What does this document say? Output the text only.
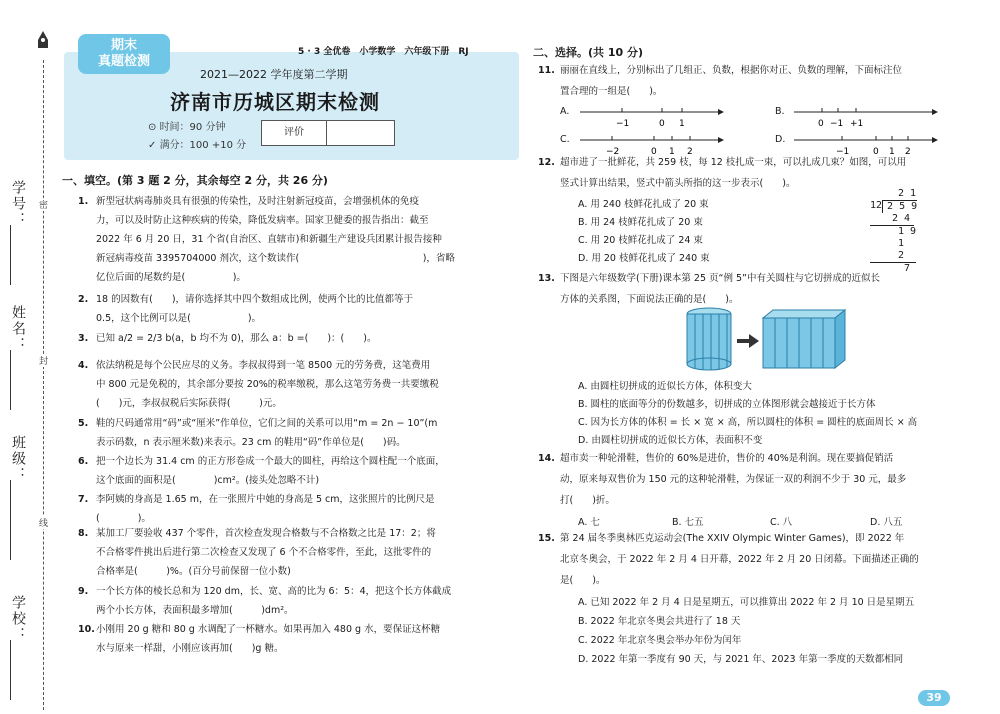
学号：
姓名：
班级：
学校：
密
封
线
5 · 3 全优卷　小学数学　六年级下册　RJ
期末
真题检测
2021—2022 学年度第二学期
济南市历城区期末检测
⊙ 时间：90 分钟
✓ 满分：100 +10 分
评价
一、填空。(第 3 题 2 分，其余每空 2 分，共 26 分)
1. 新型冠状病毒肺炎具有很强的传染性，及时注射新冠疫苗，会增强机体的免疫
力，可以及时防止这种疾病的传染，降低发病率。国家卫健委的报告指出：截至
2022 年 6 月 20 日，31 个省(自治区、直辖市)和新疆生产建设兵团累计报告接种
新冠病毒疫苗 3395704000 剂次，这个数读作(　　　　　　　　　　　　　)，省略
亿位后面的尾数约是(　　　　　)。
2. 18 的因数有(　　)，请你选择其中四个数组成比例，使两个比的比值都等于
0.5，这个比例可以是(　　　　　　)。
3. 已知 a/2 = 2/3 b(a，b 均不为 0)，那么 a：b =(　　)：(　　)。
4. 依法纳税是每个公民应尽的义务。李叔叔得到一笔 8500 元的劳务费，这笔费用
中 800 元是免税的，其余部分要按 20%的税率缴税，那么这笔劳务费一共要缴税
(　　)元，李叔叔税后实际获得(　　　)元。
5. 鞋的尺码通常用“码”或“厘米”作单位，它们之间的关系可以用“m = 2n − 10”(m
表示码数，n 表示厘米数)来表示。23 cm 的鞋用“码”作单位是(　　)码。
6. 把一个边长为 31.4 cm 的正方形卷成一个最大的圆柱，再给这个圆柱配一个底面，
这个底面的面积是(　　　　)cm²。(接头处忽略不计)
7. 李阿姨的身高是 1.65 m，在一张照片中她的身高是 5 cm，这张照片的比例尺是
(　　　　)。
8. 某加工厂要验收 437 个零件，首次检查发现合格数与不合格数之比是 17：2；将
不合格零件挑出后进行第二次检查又发现了 6 个不合格零件，至此，这批零件的
合格率是(　　　)%。(百分号前保留一位小数)
9. 一个长方体的棱长总和为 120 dm，长、宽、高的比为 6：5：4，把这个长方体截成
两个小长方体，表面积最多增加(　　　)dm²。
10. 小刚用 20 g 糖和 80 g 水调配了一杯糖水。如果再加入 480 g 水，要保证这杯糖
水与原来一样甜，小刚应该再加(　　)g 糖。
二、选择。(共 10 分)
11. 丽丽在直线上，分别标出了几组正、负数，根据你对正、负数的理解，下面标注位
置合理的一组是(　　)。
A.
−1	0 1
B.
0 −1 +1
C.
−2	0 1 2
D.
−1	0 1 2
12. 超市进了一批鲜花，共 259 枝，每 12 枝扎成一束，可以扎成几束？如图，可以用
竖式计算出结果，竖式中箭头所指的这一步表示(　　)。
A. 用 240 枝鲜花扎成了 20 束
B. 用 24 枝鲜花扎成了 20 束
C. 用 20 枝鲜花扎成了 24 束
D. 用 20 枝鲜花扎成了 240 束
2 1
12 2 5 9
2 4
1 9
1 2
7
13. 下图是六年级数学(下册)课本第 25 页“例 5”中有关圆柱与它切拼成的近似长
方体的关系图，下面说法正确的是(　　)。
A. 由圆柱切拼成的近似长方体，体积变大
B. 圆柱的底面等分的份数越多，切拼成的立体图形就会越接近于长方体
C. 因为长方体的体积 = 长 × 宽 × 高，所以圆柱的体积 = 圆柱的底面周长 × 高
D. 由圆柱切拼成的近似长方体，表面积不变
14. 超市卖一种轮滑鞋，售价的 60%是进价，售价的 40%是利润。现在要搞促销活
动，原来每双售价为 150 元的这种轮滑鞋，为保证一双的利润不少于 30 元，最多
打(　　)折。
A. 七	B. 七五	C. 八	D. 八五
15. 第 24 届冬季奥林匹克运动会(The XXIV Olympic Winter Games)，即 2022 年
北京冬奥会，于 2022 年 2 月 4 日开幕，2022 年 2 月 20 日闭幕。下面描述正确的
是(　　)。
A. 已知 2022 年 2 月 4 日是星期五，可以推算出 2022 年 2 月 10 日是星期五
B. 2022 年北京冬奥会共进行了 18 天
C. 2022 年北京冬奥会举办年份为闰年
D. 2022 年第一季度有 90 天，与 2021 年、2023 年第一季度的天数都相同
39
